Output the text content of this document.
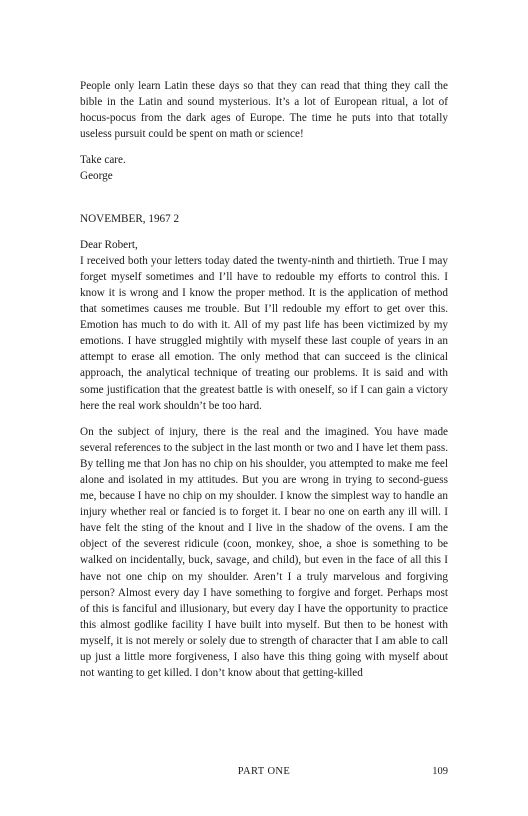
People only learn Latin these days so that they can read that thing they call the bible in the Latin and sound mysterious. It’s a lot of European ritual, a lot of hocus-pocus from the dark ages of Europe. The time he puts into that totally useless pursuit could be spent on math or science!

Take care.

George

NOVEMBER, 1967 2

Dear Robert,

I received both your letters today dated the twenty-ninth and thirtieth. True I may forget myself sometimes and I’ll have to redouble my efforts to control this. I know it is wrong and I know the proper method. It is the application of method that sometimes causes me trouble. But I’ll redouble my effort to get over this. Emotion has much to do with it. All of my past life has been victimized by my emotions. I have struggled mightily with myself these last couple of years in an attempt to erase all emotion. The only method that can succeed is the clinical approach, the analytical technique of treating our problems. It is said and with some justification that the greatest battle is with oneself, so if I can gain a victory here the real work shouldn’t be too hard.

On the subject of injury, there is the real and the imagined. You have made several references to the subject in the last month or two and I have let them pass. By telling me that Jon has no chip on his shoulder, you attempted to make me feel alone and isolated in my attitudes. But you are wrong in trying to second-guess me, because I have no chip on my shoulder. I know the simplest way to handle an injury whether real or fancied is to forget it. I bear no one on earth any ill will. I have felt the sting of the knout and I live in the shadow of the ovens. I am the object of the severest ridicule (coon, monkey, shoe, a shoe is something to be walked on incidentally, buck, savage, and child), but even in the face of all this I have not one chip on my shoulder. Aren’t I a truly marvelous and forgiving person? Almost every day I have something to forgive and forget. Perhaps most of this is fanciful and illusionary, but every day I have the opportunity to practice this almost godlike facility I have built into myself. But then to be honest with myself, it is not merely or solely due to strength of character that I am able to call up just a little more forgiveness, I also have this thing going with myself about not wanting to get killed. I don’t know about that getting-killed

PART ONE	109
